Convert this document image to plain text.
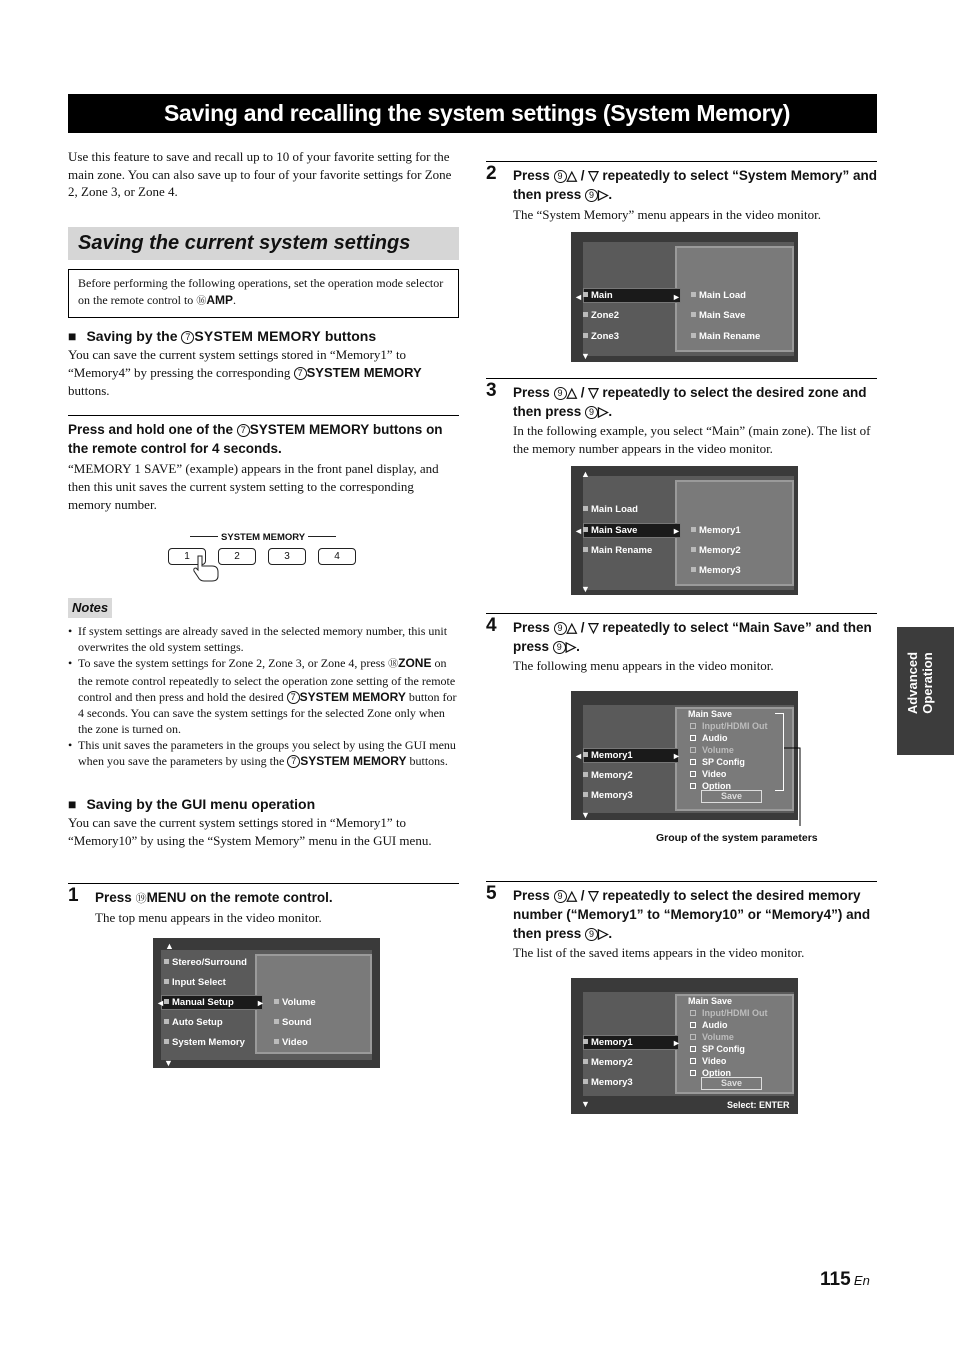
Saving and recalling the system settings (System Memory)
Use this feature to save and recall up to 10 of your favorite setting for the main zone. You can also save up to four of your favorite settings for Zone 2, Zone 3, or Zone 4.
Saving the current system settings
Before performing the following operations, set the operation mode selector on the remote control to ⑯AMP.
■ Saving by the 7 SYSTEM MEMORY buttons
You can save the current system settings stored in “Memory1” to “Memory4” by pressing the corresponding 7 SYSTEM MEMORY buttons.
Press and hold one of the 7 SYSTEM MEMORY buttons on the remote control for 4 seconds.
“MEMORY 1 SAVE” (example) appears in the front panel display, and then this unit saves the current system setting to the corresponding memory number.
SYSTEM MEMORY
1	2	3	4
Notes
• If system settings are already saved in the selected memory number, this unit overwrites the old system settings.
• To save the system settings for Zone 2, Zone 3, or Zone 4, press ⑱ZONE on the remote control repeatedly to select the operation zone setting of the remote control and then press and hold the desired 7 SYSTEM MEMORY button for 4 seconds. You can save the system settings for the selected Zone only when the zone is turned on.
• This unit saves the parameters in the groups you select by using the GUI menu when you save the parameters by using the 7 SYSTEM MEMORY buttons.
■ Saving by the GUI menu operation
You can save the current system settings stored in “Memory1” to “Memory10” by using the “System Memory” menu in the GUI menu.
1 Press ⑲MENU on the remote control.
The top menu appears in the video monitor.
▲
◄	►
Stereo/Surround
Input Select
Manual Setup
Auto Setup
System Memory
Volume
Sound
Video
▼
2 Press 9 △ / ▽ repeatedly to select “System Memory” and then press 9 ▷.
The “System Memory” menu appears in the video monitor.
◄	►
Main
Zone2
Zone3
Main Load
Main Save
Main Rename
▼
3 Press 9 △ / ▽ repeatedly to select the desired zone and then press 9 ▷.
In the following example, you select “Main” (main zone). The list of the memory number appears in the video monitor.
▲
◄	►
Main Load
Main Save
Main Rename
Memory1
Memory2
Memory3
▼
4 Press 9 △ / ▽ repeatedly to select “Main Save” and then press 9 ▷.
The following menu appears in the video monitor.
◄	►
Memory1
Memory2
Memory3
Main Save
Input/HDMI Out
Audio
Volume
SP Config
Video
Option
Save
▼
Group of the system parameters
5 Press 9 △ / ▽ repeatedly to select the desired memory number (“Memory1” to “Memory10” or “Memory4”) and then press 9 ▷.
The list of the saved items appears in the video monitor.
►
Memory1
Memory2
Memory3
Main Save
Input/HDMI Out
Audio
Volume
SP Config
Video
Option
Save
▼	Select: ENTER
Advanced Operation
115 En
